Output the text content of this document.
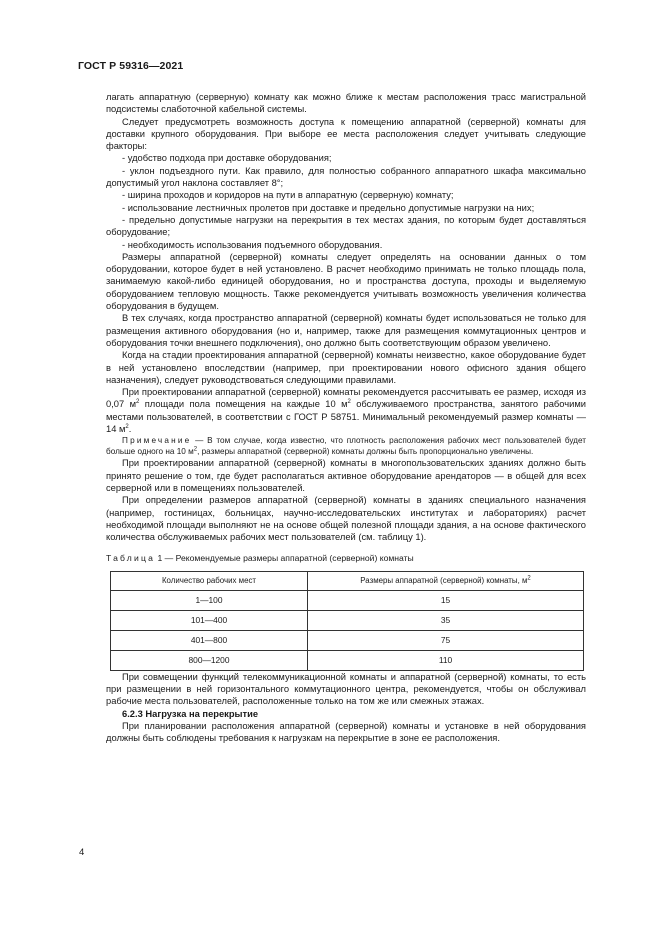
ГОСТ Р 59316—2021

лагать аппаратную (серверную) комнату как можно ближе к местам расположения трасс магистральной подсистемы слаботочной кабельной системы.

Следует предусмотреть возможность доступа к помещению аппаратной (серверной) комнаты для доставки крупного оборудования. При выборе ее места расположения следует учитывать следующие факторы:

- удобство подхода при доставке оборудования;

- уклон подъездного пути. Как правило, для полностью собранного аппаратного шкафа максимально допустимый угол наклона составляет 8°;

- ширина проходов и коридоров на пути в аппаратную (серверную) комнату;

- использование лестничных пролетов при доставке и предельно допустимые нагрузки на них;

- предельно допустимые нагрузки на перекрытия в тех местах здания, по которым будет доставляться оборудование;

- необходимость использования подъемного оборудования.

Размеры аппаратной (серверной) комнаты следует определять на основании данных о том оборудовании, которое будет в ней установлено. В расчет необходимо принимать не только площадь пола, занимаемую какой-либо единицей оборудования, но и пространства доступа, проходы и выделяемую оборудованием тепловую мощность. Также рекомендуется учитывать возможность увеличения количества оборудования в будущем.

В тех случаях, когда пространство аппаратной (серверной) комнаты будет использоваться не только для размещения активного оборудования (но и, например, также для размещения коммутационных центров и оборудования точки внешнего подключения), оно должно быть соответствующим образом увеличено.

Когда на стадии проектирования аппаратной (серверной) комнаты неизвестно, какое оборудование будет в ней установлено впоследствии (например, при проектировании нового офисного здания общего назначения), следует руководствоваться следующими правилами.

При проектировании аппаратной (серверной) комнаты рекомендуется рассчитывать ее размер, исходя из 0,07 $м^2$ площади пола помещения на каждые 10 $м^2$ обслуживаемого пространства, занятого рабочими местами пользователей, в соответствии с ГОСТ Р 58751. Минимальный рекомендуемый размер комнаты — 14 $м^2$.

Примечание — В том случае, когда известно, что плотность расположения рабочих мест пользователей будет больше одного на 10 $м^2$, размеры аппаратной (серверной) комнаты должны быть пропорционально увеличены.

При проектировании аппаратной (серверной) комнаты в многопользовательских зданиях должно быть принято решение о том, где будет располагаться активное оборудование арендаторов — в общей для всех серверной или в помещениях пользователей.

При определении размеров аппаратной (серверной) комнаты в зданиях специального назначения (например, гостиницах, больницах, научно-исследовательских институтах и лабораториях) расчет необходимой площади выполняют не на основе общей полезной площади здания, а на основе фактического количества обслуживаемых рабочих мест пользователей (см. таблицу 1).

Таблица 1 — Рекомендуемые размеры аппаратной (серверной) комнаты
Количество рабочих мест	Размеры аппаратной (серверной) комнаты, $м^2$
1—100	15
101—400	35
401—800	75
800—1200	110

При совмещении функций телекоммуникационной комнаты и аппаратной (серверной) комнаты, то есть при размещении в ней горизонтального коммутационного центра, рекомендуется, чтобы он обслуживал рабочие места пользователей, расположенные только на том же или смежных этажах.

6.2.3 Нагрузка на перекрытие

При планировании расположения аппаратной (серверной) комнаты и установке в ней оборудования должны быть соблюдены требования к нагрузкам на перекрытие в зоне ее расположения.

4
